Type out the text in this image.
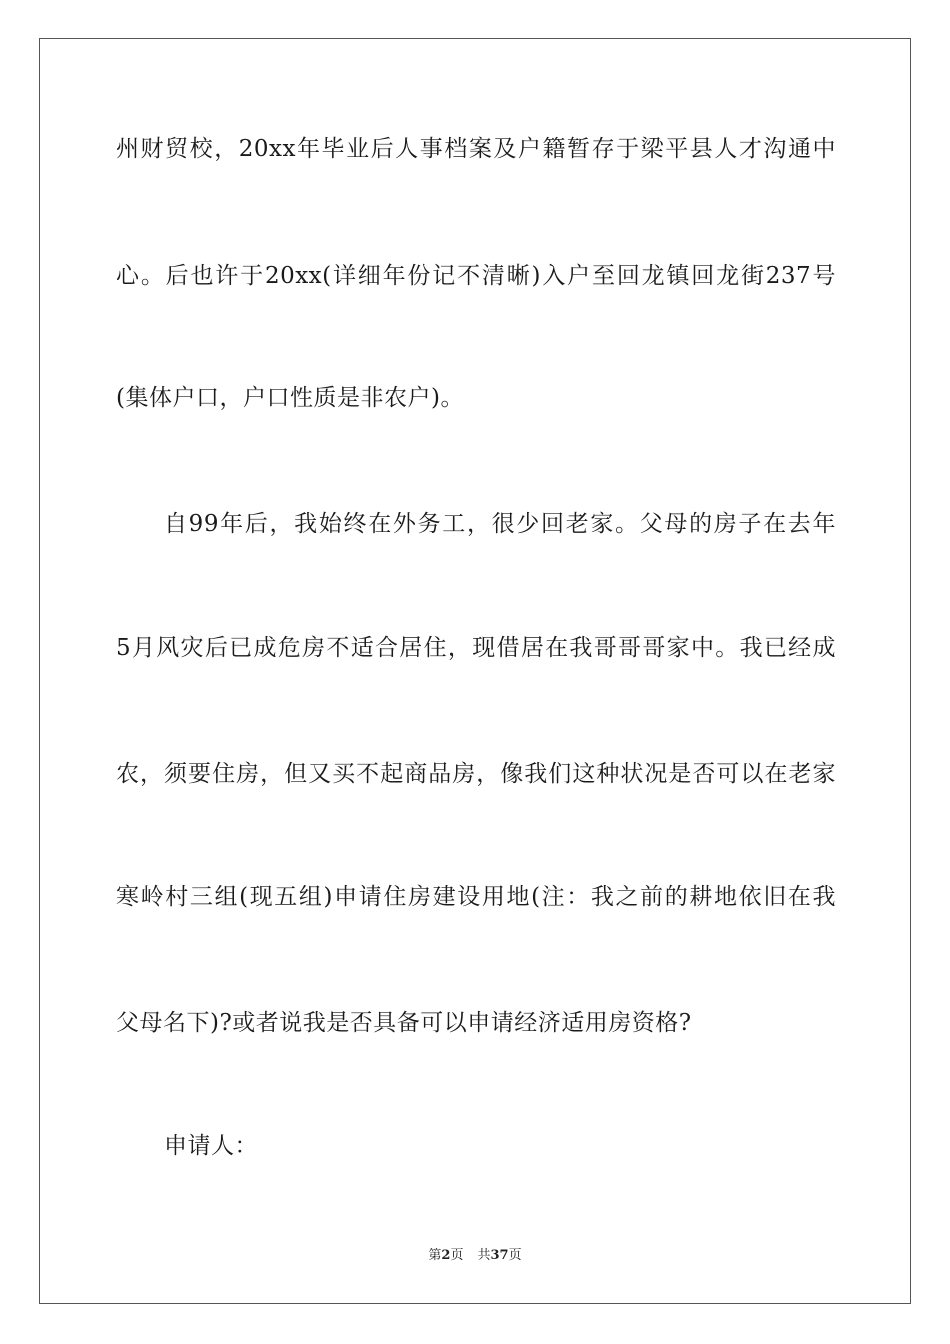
州财贸校，20xx年毕业后人事档案及户籍暂存于梁平县人才沟通中
心。后也许于20xx(详细年份记不清晰)入户至回龙镇回龙街237号
(集体户口，户口性质是非农户)。
自99年后，我始终在外务工，很少回老家。父母的房子在去年
5月风灾后已成危房不适合居住，现借居在我哥哥哥家中。我已经成
农，须要住房，但又买不起商品房，像我们这种状况是否可以在老家
寒岭村三组(现五组)申请住房建设用地(注：我之前的耕地依旧在我
父母名下)?或者说我是否具备可以申请经济适用房资格?
申请人：
第2页 共37页
